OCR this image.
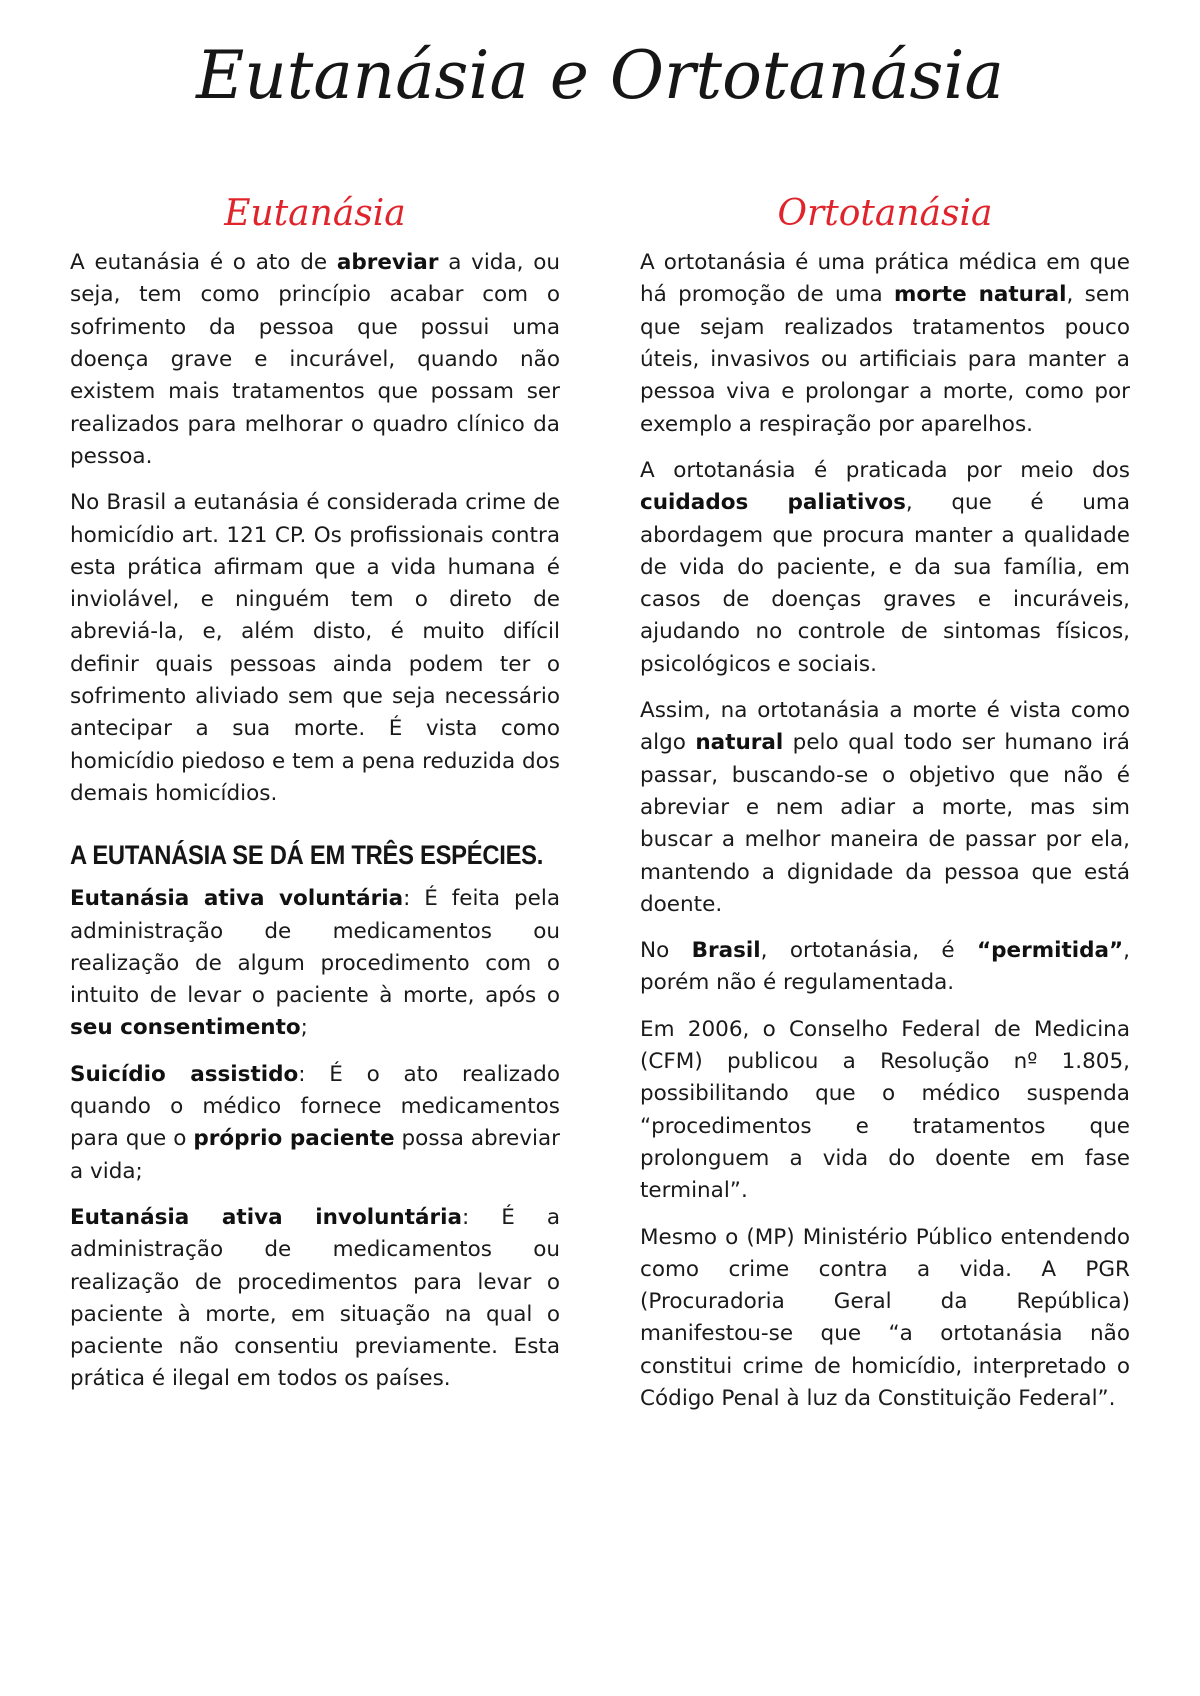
Eutanásia e Ortotanásia
Eutanásia

A eutanásia é o ato de abreviar a vida, ou seja, tem como princípio acabar com o sofrimento da pessoa que possui uma doença grave e incurável, quando não existem mais tratamentos que possam ser realizados para melhorar o quadro clínico da pessoa.

No Brasil a eutanásia é considerada crime de homicídio art. 121 CP. Os profissionais contra esta prática afirmam que a vida humana é inviolável, e ninguém tem o direto de abreviá-la, e, além disto, é muito difícil definir quais pessoas ainda podem ter o sofrimento aliviado sem que seja necessário antecipar a sua morte. É vista como homicídio piedoso e tem a pena reduzida dos demais homicídios.

A EUTANÁSIA SE DÁ EM TRÊS ESPÉCIES.

Eutanásia ativa voluntária: É feita pela administração de medicamentos ou realização de algum procedimento com o intuito de levar o paciente à morte, após o seu consentimento;

Suicídio assistido: É o ato realizado quando o médico fornece medicamentos para que o próprio paciente possa abreviar a vida;

Eutanásia ativa involuntária: É a administração de medicamentos ou realização de procedimentos para levar o paciente à morte, em situação na qual o paciente não consentiu previamente. Esta prática é ilegal em todos os países.

Ortotanásia

A ortotanásia é uma prática médica em que há promoção de uma morte natural, sem que sejam realizados tratamentos pouco úteis, invasivos ou artificiais para manter a pessoa viva e prolongar a morte, como por exemplo a respiração por aparelhos.

A ortotanásia é praticada por meio dos cuidados paliativos, que é uma abordagem que procura manter a qualidade de vida do paciente, e da sua família, em casos de doenças graves e incuráveis, ajudando no controle de sintomas físicos, psicológicos e sociais.

Assim, na ortotanásia a morte é vista como algo natural pelo qual todo ser humano irá passar, buscando-se o objetivo que não é abreviar e nem adiar a morte, mas sim buscar a melhor maneira de passar por ela, mantendo a dignidade da pessoa que está doente.

No Brasil, ortotanásia, é “permitida”, porém não é regulamentada.

Em 2006, o Conselho Federal de Medicina (CFM) publicou a Resolução nº 1.805, possibilitando que o médico suspenda “procedimentos e tratamentos que prolonguem a vida do doente em fase terminal”.

Mesmo o (MP) Ministério Público entendendo como crime contra a vida. A PGR (Procuradoria Geral da República) manifestou-se que “a ortotanásia não constitui crime de homicídio, interpretado o Código Penal à luz da Constituição Federal”.
